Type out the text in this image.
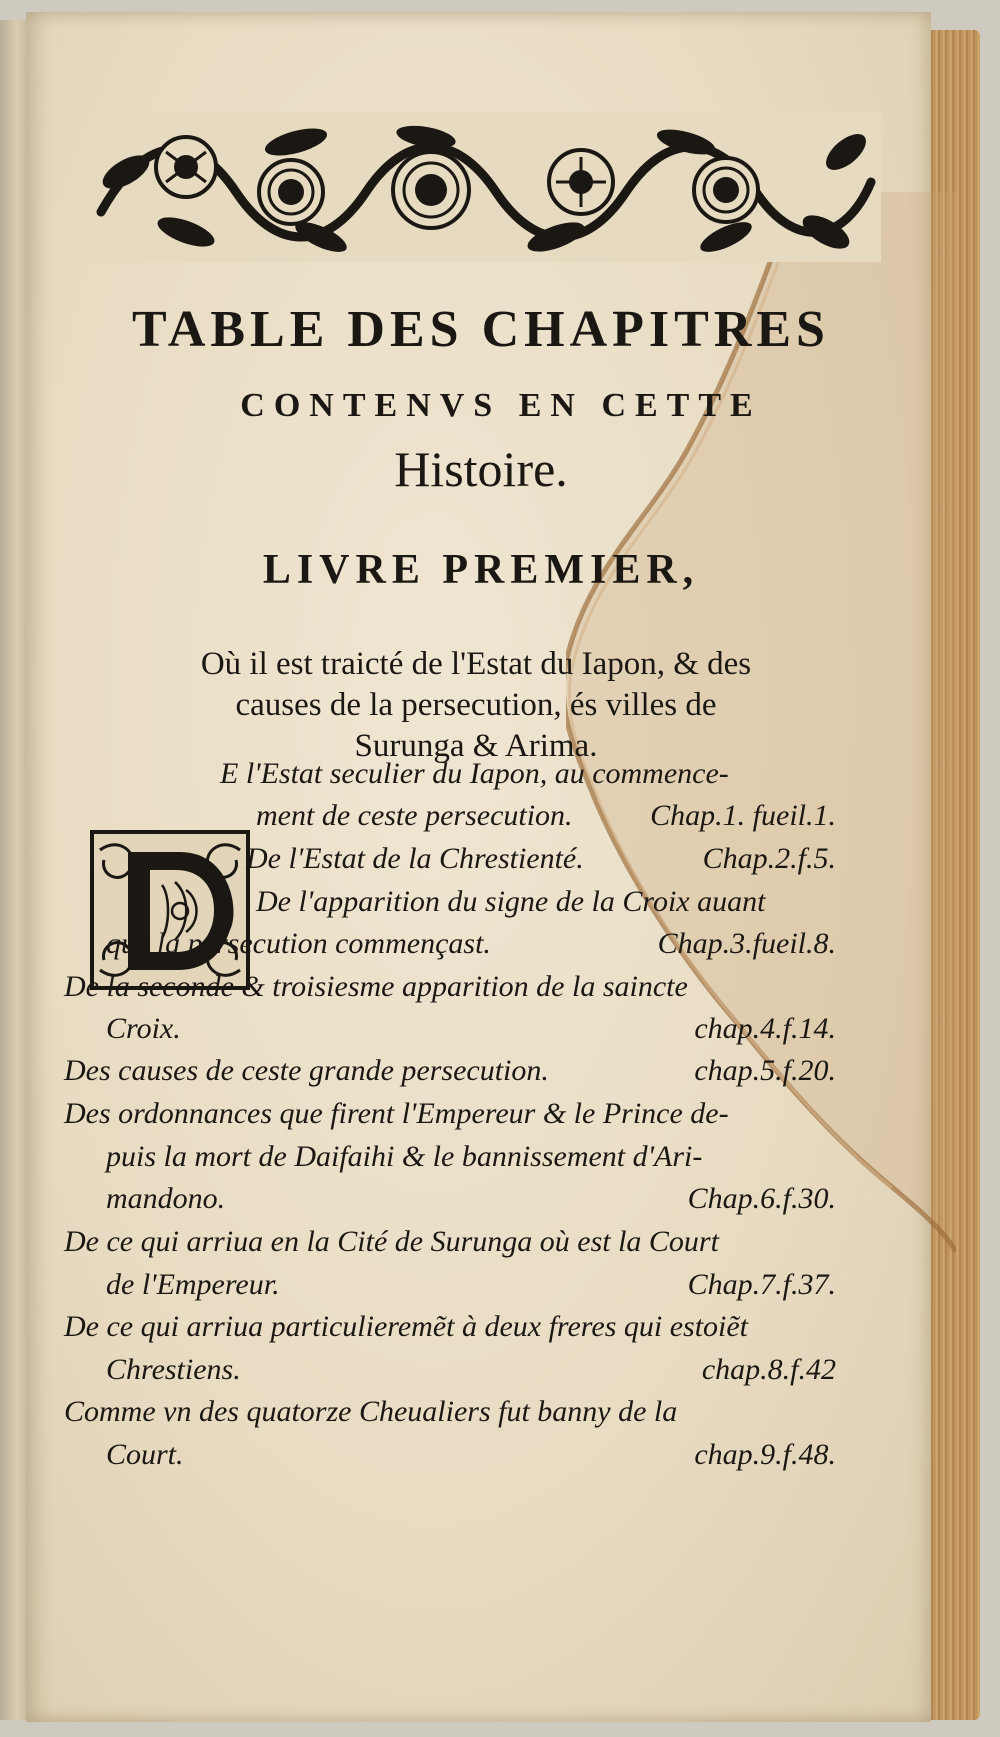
TABLE DES CHAPITRES
CONTENVS EN CETTE
Histoire.
LIVRE PREMIER,
Où il est traicté de l'Estat du Iapon, & des
causes de la persecution, és villes de
Surunga & Arima.
E l'Estat seculier du Iapon, au commence-
ment de ceste persecution.	Chap.1. fueil.1.
De l'Estat de la Chrestienté.	Chap.2.f.5.
De l'apparition du signe de la Croix auant
que la persecution commençast.	Chap.3.fueil.8.
De la seconde & troisiesme apparition de la saincte
Croix.	chap.4.f.14.
Des causes de ceste grande persecution.	chap.5.f.20.
Des ordonnances que firent l'Empereur & le Prince de-
puis la mort de Daifaihi & le bannissement d'Ari-
mandono.	Chap.6.f.30.
De ce qui arriua en la Cité de Surunga où est la Court
de l'Empereur.	Chap.7.f.37.
De ce qui arriua particulieremẽt à deux freres qui estoiẽt
Chrestiens.	chap.8.f.42
Comme vn des quatorze Cheualiers fut banny de la
Court.	chap.9.f.48.
